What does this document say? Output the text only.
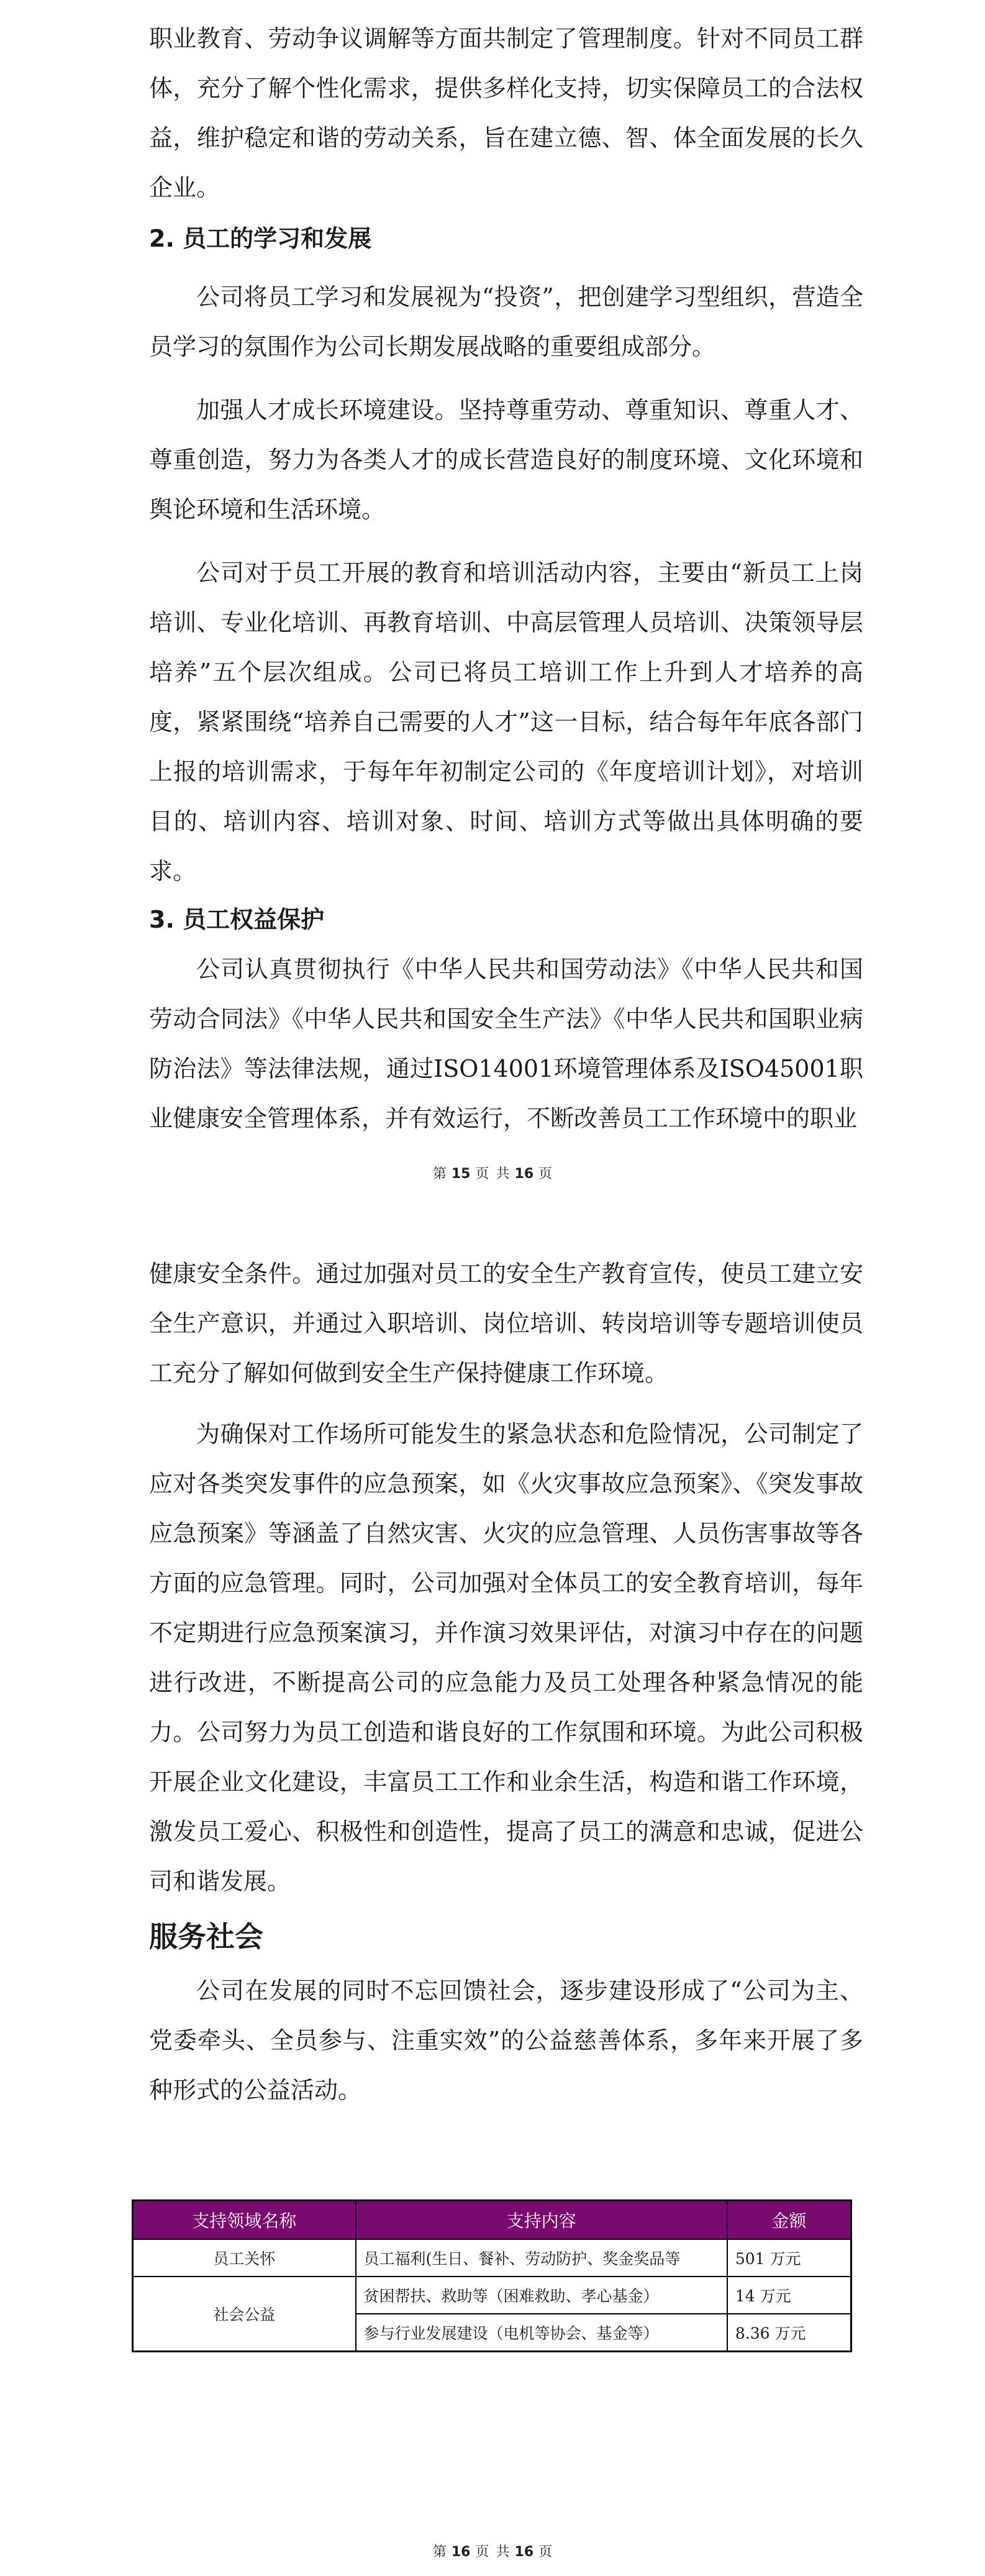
职业教育、劳动争议调解等方面共制定了管理制度。针对不同员工群体，充分了解个性化需求，提供多样化支持，切实保障员工的合法权益，维护稳定和谐的劳动关系，旨在建立德、智、体全面发展的长久企业。

2. 员工的学习和发展

公司将员工学习和发展视为“投资”，把创建学习型组织，营造全员学习的氛围作为公司长期发展战略的重要组成部分。

加强人才成长环境建设。坚持尊重劳动、尊重知识、尊重人才、尊重创造，努力为各类人才的成长营造良好的制度环境、文化环境和舆论环境和生活环境。

公司对于员工开展的教育和培训活动内容，主要由“新员工上岗培训、专业化培训、再教育培训、中高层管理人员培训、决策领导层培养”五个层次组成。公司已将员工培训工作上升到人才培养的高度，紧紧围绕“培养自己需要的人才”这一目标，结合每年年底各部门上报的培训需求，于每年年初制定公司的《年度培训计划》，对培训目的、培训内容、培训对象、时间、培训方式等做出具体明确的要求。

3. 员工权益保护

公司认真贯彻执行《中华人民共和国劳动法》《中华人民共和国劳动合同法》《中华人民共和国安全生产法》《中华人民共和国职业病防治法》等法律法规，通过ISO14001环境管理体系及ISO45001职业健康安全管理体系，并有效运行，不断改善员工工作环境中的职业

第 15 页 共 16 页

健康安全条件。通过加强对员工的安全生产教育宣传，使员工建立安全生产意识，并通过入职培训、岗位培训、转岗培训等专题培训使员工充分了解如何做到安全生产保持健康工作环境。

为确保对工作场所可能发生的紧急状态和危险情况，公司制定了应对各类突发事件的应急预案，如《火灾事故应急预案》、《突发事故应急预案》等涵盖了自然灾害、火灾的应急管理、人员伤害事故等各方面的应急管理。同时，公司加强对全体员工的安全教育培训，每年不定期进行应急预案演习，并作演习效果评估，对演习中存在的问题进行改进，不断提高公司的应急能力及员工处理各种紧急情况的能力。公司努力为员工创造和谐良好的工作氛围和环境。为此公司积极开展企业文化建设，丰富员工工作和业余生活，构造和谐工作环境，激发员工爱心、积极性和创造性，提高了员工的满意和忠诚，促进公司和谐发展。

服务社会

公司在发展的同时不忘回馈社会，逐步建设形成了“公司为主、党委牵头、全员参与、注重实效”的公益慈善体系，多年来开展了多种形式的公益活动。

支持领域名称	支持内容	金额
员工关怀	员工福利(生日、餐补、劳动防护、奖金奖品等	501 万元
社会公益	贫困帮扶、救助等（困难救助、孝心基金）	14 万元
	参与行业发展建设（电机等协会、基金等）	8.36 万元
第 16 页 共 16 页
